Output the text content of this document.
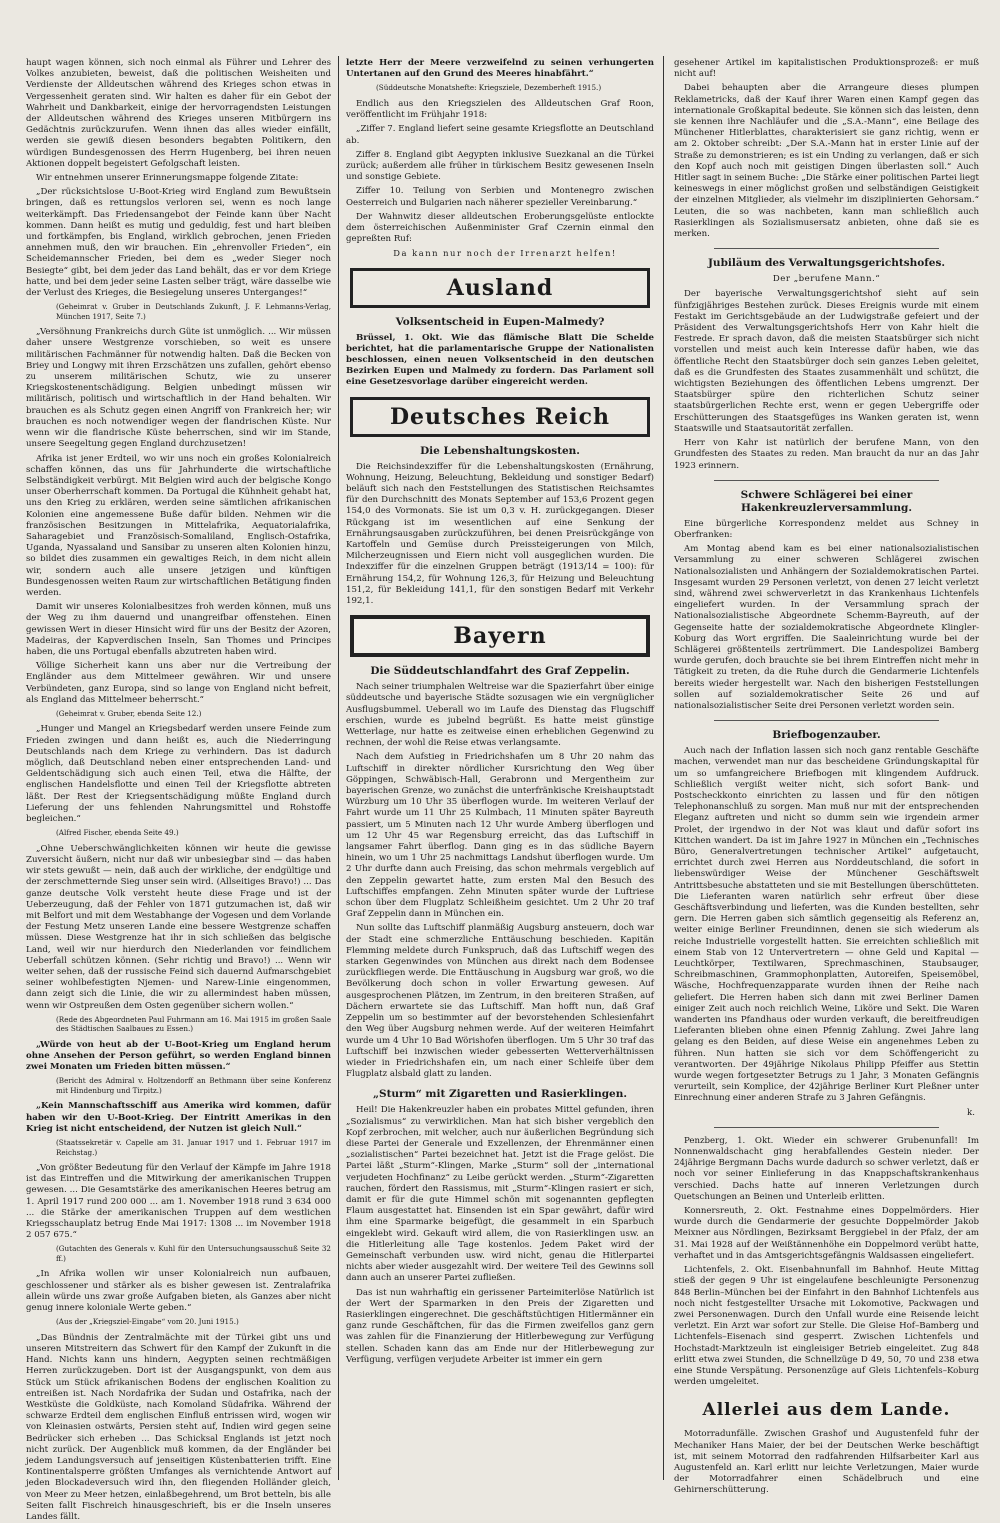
haupt wagen können, sich noch einmal als Führer und Lehrer des Volkes anzubieten, beweist, daß die politischen Weisheiten und Verdienste der Alldeutschen während des Krieges schon etwas in Vergessenheit geraten sind. Wir halten es daher für ein Gebot der Wahrheit und Dankbarkeit, einige der hervorragendsten Leistungen der Alldeutschen während des Krieges unseren Mitbürgern ins Gedächtnis zurückzurufen. Wenn ihnen das alles wieder einfällt, werden sie gewiß diesen besonders begabten Politikern, den würdigen Bundesgenossen des Herrn Hugenberg, bei ihren neuen Aktionen doppelt begeistert Gefolgschaft leisten.

Wir entnehmen unserer Erinnerungsmappe folgende Zitate:

„Der rücksichtslose U-Boot-Krieg wird England zum Bewußtsein bringen, daß es rettungslos verloren sei, wenn es noch lange weiterkämpft. Das Friedensangebot der Feinde kann über Nacht kommen. Dann heißt es mutig und geduldig, fest und hart bleiben und fortkämpfen, bis England, wirklich gebrochen, jenen Frieden annehmen muß, den wir brauchen. Ein „ehrenvoller Frieden“, ein Scheidemannscher Frieden, bei dem es „weder Sieger noch Besiegte“ gibt, bei dem jeder das Land behält, das er vor dem Kriege hatte, und bei dem jeder seine Lasten selber trägt, wäre dasselbe wie der Verlust des Krieges, die Besiegelung unseres Unterganges!“

(Geheimrat v. Gruber in Deutschlands Zukunft, J. F. Lehmanns-Verlag, München 1917, Seite 7.)

„Versöhnung Frankreichs durch Güte ist unmöglich. ... Wir müssen daher unsere Westgrenze vorschieben, so weit es unsere militärischen Fachmänner für notwendig halten. Daß die Becken von Briey und Longwy mit ihren Erzschätzen uns zufallen, gehört ebenso zu unserem militärischen Schutz, wie zu unserer Kriegskostenentschädigung. Belgien unbedingt müssen wir militärisch, politisch und wirtschaftlich in der Hand behalten. Wir brauchen es als Schutz gegen einen Angriff von Frankreich her; wir brauchen es noch notwendiger wegen der flandrischen Küste. Nur wenn wir die flandrische Küste beherrschen, sind wir im Stande, unsere Seegeltung gegen England durchzusetzen!

Afrika ist jener Erdteil, wo wir uns noch ein großes Kolonialreich schaffen können, das uns für Jahrhunderte die wirtschaftliche Selbständigkeit verbürgt. Mit Belgien wird auch der belgische Kongo unser Oberherrschaft kommen. Da Portugal die Kühnheit gehabt hat, uns den Krieg zu erklären, werden seine sämtlichen afrikanischen Kolonien eine angemessene Buße dafür bilden. Nehmen wir die französischen Besitzungen in Mittelafrika, Aequatorialafrika, Saharagebiet und Französisch-Somaliland, Englisch-Ostafrika, Uganda, Nyassaland und Sansibar zu unseren alten Kolonien hinzu, so bildet dies zusammen ein gewaltiges Reich, in dem nicht allein wir, sondern auch alle unsere jetzigen und künftigen Bundesgenossen weiten Raum zur wirtschaftlichen Betätigung finden werden.

Damit wir unseres Kolonialbesitzes froh werden können, muß uns der Weg zu ihm dauernd und unangreifbar offenstehen. Einen gewissen Wert in dieser Hinsicht wird für uns der Besitz der Azoren, Madeiras, der Kapverdischen Inseln, San Thomes und Principes haben, die uns Portugal ebenfalls abzutreten haben wird.

Völlige Sicherheit kann uns aber nur die Vertreibung der Engländer aus dem Mittelmeer gewähren. Wir und unsere Verbündeten, ganz Europa, sind so lange von England nicht befreit, als England das Mittelmeer beherrscht.“

(Geheimrat v. Gruber, ebenda Seite 12.)

„Hunger und Mangel an Kriegsbedarf werden unsere Feinde zum Frieden zwingen und dann heißt es, auch die Niederringung Deutschlands nach dem Kriege zu verhindern. Das ist dadurch möglich, daß Deutschland neben einer entsprechenden Land- und Geldentschädigung sich auch einen Teil, etwa die Hälfte, der englischen Handelsflotte und einen Teil der Kriegsflotte abtreten läßt. Der Rest der Kriegsentschädigung müßte England durch Lieferung der uns fehlenden Nahrungsmittel und Rohstoffe begleichen.“

(Alfred Fischer, ebenda Seite 49.)

„Ohne Ueberschwänglichkeiten können wir heute die gewisse Zuversicht äußern, nicht nur daß wir unbesiegbar sind — das haben wir stets gewußt — nein, daß auch der wirkliche, der endgültige und der zerschmetternde Sieg unser sein wird. (Allseitiges Bravo!) ... Das ganze deutsche Volk versteht heute diese Frage und ist der Ueberzeugung, daß der Fehler von 1871 gutzumachen ist, daß wir mit Belfort und mit dem Westabhange der Vogesen und dem Vorlande der Festung Metz unseren Lande eine bessere Westgrenze schaffen müssen. Diese Westgrenze hat ihr in sich schließen das belgische Land, weil wir nur hierdurch den Niederlanden vor feindlichem Ueberfall schützen können. (Sehr richtig und Bravo!) ... Wenn wir weiter sehen, daß der russische Feind sich dauernd Aufmarschgebiet seiner wohlbefestigten Njemen- und Narew-Linie eingenommen, dann zeigt sich die Linie, die wir zu allermindest haben müssen, wenn wir Ostpreußen dem Osten gegenüber sichern wollen.“

(Rede des Abgeordneten Paul Fuhrmann am 16. Mai 1915 im großen Saale des Städtischen Saalbaues zu Essen.)

„Würde von heut ab der U-Boot-Krieg um England herum ohne Ansehen der Person geführt, so werden England binnen zwei Monaten um Frieden bitten müssen.“

(Bericht des Admiral v. Holtzendorff an Bethmann über seine Konferenz mit Hindenburg und Tirpitz.)

„Kein Mannschaftsschiff aus Amerika wird kommen, dafür haben wir den U-Boot-Krieg. Der Eintritt Amerikas in den Krieg ist nicht entscheidend, der Nutzen ist gleich Null.“

(Staatssekretär v. Capelle am 31. Januar 1917 und 1. Februar 1917 im Reichstag.)

„Von größter Bedeutung für den Verlauf der Kämpfe im Jahre 1918 ist das Eintreffen und die Mitwirkung der amerikanischen Truppen gewesen. ... Die Gesamtstärke des amerikanischen Heeres betrug am 1. April 1917 rund 200 000 ... am 1. November 1918 rund 3 634 000 ... die Stärke der amerikanischen Truppen auf dem westlichen Kriegsschauplatz betrug Ende Mai 1917: 1308 ... im November 1918 2 057 675.“

(Gutachten des Generals v. Kuhl für den Untersuchungsausschuß Seite 32 ff.)

„In Afrika wollen wir unser Kolonialreich nun aufbauen, geschlossener und stärker als es bisher gewesen ist. Zentralafrika allein würde uns zwar große Aufgaben bieten, als Ganzes aber nicht genug innere koloniale Werte geben.“

(Aus der „Kriegsziel-Eingabe“ vom 20. Juni 1915.)

„Das Bündnis der Zentralmächte mit der Türkei gibt uns und unseren Mitstreitern das Schwert für den Kampf der Zukunft in die Hand. Nichts kann uns hindern, Aegypten seinen rechtmäßigen Herren zurückzugeben. Dort ist der Ausgangspunkt, von dem aus Stück um Stück afrikanischen Bodens der englischen Koalition zu entreißen ist. Nach Nordafrika der Sudan und Ostafrika, nach der Westküste die Goldküste, nach Komoland Südafrika. Während der schwarze Erdteil dem englischen Einfluß entrissen wird, wogen wir von Kleinasien ostwärts, Persien steht auf, Indien wird gegen seine Bedrücker sich erheben ... Das Schicksal Englands ist jetzt noch nicht zurück. Der Augenblick muß kommen, da der Engländer bei jedem Landungsversuch auf jenseitigen Küstenbatterien trifft. Eine Kontinentalsperre größten Umfanges als vernichtende Antwort auf jeden Blockadeversuch wird ihn, den fliegenden Holländer gleich, von Meer zu Meer hetzen, einlaßbegehrend, um Brot betteln, bis alle Seiten fallt Fischreich hinausgeschrieft, bis er die Inseln unseres Landes fällt.

letzte Herr der Meere verzweifelnd zu seinen verhungerten Untertanen auf den Grund des Meeres hinabfährt.“

(Süddeutsche Monatshefte: Kriegsziele, Dezemberheft 1915.)

Endlich aus den Kriegszielen des Alldeutschen Graf Roon, veröffentlicht im Frühjahr 1918:

„Ziffer 7. England liefert seine gesamte Kriegsflotte an Deutschland ab.

Ziffer 8. England gibt Aegypten inklusive Suezkanal an die Türkei zurück; außerdem alle früher in türkischem Besitz gewesenen Inseln und sonstige Gebiete.

Ziffer 10. Teilung von Serbien und Montenegro zwischen Oesterreich und Bulgarien nach näherer spezieller Vereinbarung.“

Der Wahnwitz dieser alldeutschen Eroberungsgelüste entlockte dem österreichischen Außenminister Graf Czernin einmal den gepreßten Ruf:

Da kann nur noch der Irrenarzt helfen!

Ausland
Volksentscheid in Eupen-Malmedy?

Brüssel, 1. Okt. Wie das flämische Blatt Die Schelde berichtet, hat die parlamentarische Gruppe der Nationalisten beschlossen, einen neuen Volksentscheid in den deutschen Bezirken Eupen und Malmedy zu fordern. Das Parlament soll eine Gesetzesvorlage darüber eingereicht werden.

Deutsches Reich
Die Lebenshaltungskosten.

Die Reichsindexziffer für die Lebenshaltungskosten (Ernährung, Wohnung, Heizung, Beleuchtung, Bekleidung und sonstiger Bedarf) beläuft sich nach den Feststellungen des Statistischen Reichsamtes für den Durchschnitt des Monats September auf 153,6 Prozent gegen 154,0 des Vormonats. Sie ist um 0,3 v. H. zurückgegangen. Dieser Rückgang ist im wesentlichen auf eine Senkung der Ernährungsausgaben zurückzuführen, bei denen Preisrückgänge von Kartoffeln und Gemüse durch Preissteigerungen von Milch, Milcherzeugnissen und Eiern nicht voll ausgeglichen wurden. Die Indexziffer für die einzelnen Gruppen beträgt (1913/14 = 100): für Ernährung 154,2, für Wohnung 126,3, für Heizung und Beleuchtung 151,2, für Bekleidung 141,1, für den sonstigen Bedarf mit Verkehr 192,1.

Bayern
Die Süddeutschlandfahrt des Graf Zeppelin.

Nach seiner triumphalen Weltreise war die Spazierfahrt über einige süddeutsche und bayerische Städte sozusagen wie ein vergnüglicher Ausflugsbummel. Ueberall wo im Laufe des Dienstag das Flugschiff erschien, wurde es jubelnd begrüßt. Es hatte meist günstige Wetterlage, nur hatte es zeitweise einen erheblichen Gegenwind zu rechnen, der wohl die Reise etwas verlangsamte.

Nach dem Aufstieg in Friedrichshafen um 8 Uhr 20 nahm das Luftschiff in direkter nördlicher Kursrichtung den Weg über Göppingen, Schwäbisch-Hall, Gerabronn und Mergentheim zur bayerischen Grenze, wo zunächst die unterfränkische Kreishauptstadt Würzburg um 10 Uhr 35 überflogen wurde. Im weiteren Verlauf der Fahrt wurde um 11 Uhr 25 Kulmbach, 11 Minuten später Bayreuth passiert, um 5 Minuten nach 12 Uhr wurde Amberg überflogen und um 12 Uhr 45 war Regensburg erreicht, das das Luftschiff in langsamer Fahrt überflog. Dann ging es in das südliche Bayern hinein, wo um 1 Uhr 25 nachmittags Landshut überflogen wurde. Um 2 Uhr durfte dann auch Freising, das schon mehrmals vergeblich auf den Zeppelin gewartet hatte, zum ersten Mal den Besuch des Luftschiffes empfangen. Zehn Minuten später wurde der Luftriese schon über dem Flugplatz Schleißheim gesichtet. Um 2 Uhr 20 traf Graf Zeppelin dann in München ein.

Nun sollte das Luftschiff planmäßig Augsburg ansteuern, doch war der Stadt eine schmerzliche Enttäuschung beschieden. Kapitän Flemming meldete durch Funkspruch, daß das Luftschiff wegen des starken Gegenwindes von München aus direkt nach dem Bodensee zurückfliegen werde. Die Enttäuschung in Augsburg war groß, wo die Bevölkerung doch schon in voller Erwartung gewesen. Auf ausgesprochenen Plätzen, im Zentrum, in den breiteren Straßen, auf Dächern erwartete sie das Luftschiff. Man hofft nun, daß Graf Zeppelin um so bestimmter auf der bevorstehenden Schlesienfahrt den Weg über Augsburg nehmen werde. Auf der weiteren Heimfahrt wurde um 4 Uhr 10 Bad Wörishofen überflogen. Um 5 Uhr 30 traf das Luftschiff bei inzwischen wieder gebesserten Wetterverhältnissen wieder in Friedrichshafen ein, um nach einer Schleife über dem Flugplatz alsbald glatt zu landen.

„Sturm“ mit Zigaretten und Rasierklingen.

Heil! Die Hakenkreuzler haben ein probates Mittel gefunden, ihren „Sozialismus“ zu verwirklichen. Man hat sich bisher vergeblich den Kopf zerbrochen, mit welcher, auch nur äußerlichen Begründung sich diese Partei der Generale und Exzellenzen, der Ehrenmänner einen „sozialistischen“ Partei bezeichnet hat. Jetzt ist die Frage gelöst. Die Partei läßt „Sturm“-Klingen, Marke „Sturm“ soll der „international verjudeten Hochfinanz“ zu Leibe gerückt werden. „Sturm“-Zigaretten rauchen, fördert den Rassismus, mit „Sturm“-Klingen rasiert er sich, damit er für die gute Himmel schön mit sogenannten gepflegten Flaum ausgestattet hat. Einsenden ist ein Spar gewährt, dafür wird ihm eine Sparmarke beigefügt, die gesammelt in ein Sparbuch eingeklebt wird. Gekauft wird allem, die von Rasierklingen usw. an die Hitlerleitung alle Tage kostenlos. Jedem Paket wird der Gemeinschaft verbunden usw. wird nicht, genau die Hitlerpartei nichts aber wieder ausgezahlt wird. Der weitere Teil des Gewinns soll dann auch an unserer Partei zufließen.

Das ist nun wahrhaftig ein gerissener Parteimiterlöse Natürlich ist der Wert der Sparmarken in den Preis der Zigaretten und Rasierklingen eingerechnet. Die geschäftstüchtigen Hitlermänner ein ganz runde Geschäftchen, für das die Firmen zweifellos ganz gern was zahlen für die Finanzierung der Hitlerbewegung zur Verfügung stellen. Schaden kann das am Ende nur der Hitlerbewegung zur Verfügung, verfügen verjudete Arbeiter ist immer ein gern

gesehener Artikel im kapitalistischen Produktionsprozeß: er muß nicht auf!

Dabei behaupten aber die Arrangeure dieses plumpen Reklametricks, daß der Kauf ihrer Waren einen Kampf gegen das internationale Großkapital bedeute. Sie können sich das leisten, denn sie kennen ihre Nachläufer und die „S.A.-Mann“, eine Beilage des Münchener Hitlerblattes, charakterisiert sie ganz richtig, wenn er am 2. Oktober schreibt: „Der S.A.-Mann hat in erster Linie auf der Straße zu demonstrieren; es ist ein Unding zu verlangen, daß er sich den Kopf auch noch mit geistigen Dingen überlasten soll.“ Auch Hitler sagt in seinem Buche: „Die Stärke einer politischen Partei liegt keineswegs in einer möglichst großen und selbständigen Geistigkeit der einzelnen Mitglieder, als vielmehr im disziplinierten Gehorsam.“ Leuten, die so was nachbeten, kann man schließlich auch Rasierklingen als Sozialismusersatz anbieten, ohne daß sie es merken.

Jubiläum des Verwaltungsgerichtshofes.
Der „berufene Mann.“

Der bayerische Verwaltungsgerichtshof sieht auf sein fünfzigjähriges Bestehen zurück. Dieses Ereignis wurde mit einem Festakt im Gerichtsgebäude an der Ludwigstraße gefeiert und der Präsident des Verwaltungsgerichtshofs Herr von Kahr hielt die Festrede. Er sprach davon, daß die meisten Staatsbürger sich nicht vorstellen und meist auch kein Interesse dafür haben, wie das öffentliche Recht den Staatsbürger doch sein ganzes Leben geleitet, daß es die Grundfesten des Staates zusammenhält und schützt, die wichtigsten Beziehungen des öffentlichen Lebens umgrenzt. Der Staatsbürger spüre den richterlichen Schutz seiner staatsbürgerlichen Rechte erst, wenn er gegen Uebergriffe oder Erschütterungen des Staatsgefüges ins Wanken geraten ist, wenn Staatswille und Staatsautorität zerfallen.

Herr von Kahr ist natürlich der berufene Mann, von den Grundfesten des Staates zu reden. Man braucht da nur an das Jahr 1923 erinnern.

Schwere Schlägerei bei einer Hakenkreuzlerversammlung.

Eine bürgerliche Korrespondenz meldet aus Schney in Oberfranken:

Am Montag abend kam es bei einer nationalsozialistischen Versammlung zu einer schweren Schlägerei zwischen Nationalsozialisten und Anhängern der Sozialdemokratischen Partei. Insgesamt wurden 29 Personen verletzt, von denen 27 leicht verletzt sind, während zwei schwerverletzt in das Krankenhaus Lichtenfels eingeliefert wurden. In der Versammlung sprach der Nationalsozialistische Abgeordnete Schemm-Bayreuth, auf der Gegenseite hatte der sozialdemokratische Abgeordnete Klingler-Koburg das Wort ergriffen. Die Saaleinrichtung wurde bei der Schlägerei größtenteils zertrümmert. Die Landespolizei Bamberg wurde gerufen, doch brauchte sie bei ihrem Eintreffen nicht mehr in Tätigkeit zu treten, da die Ruhe durch die Gendarmerie Lichtenfels bereits wieder hergestellt war. Nach den bisherigen Feststellungen sollen auf sozialdemokratischer Seite 26 und auf nationalsozialistischer Seite drei Personen verletzt worden sein.

Briefbogenzauber.

Auch nach der Inflation lassen sich noch ganz rentable Geschäfte machen, verwendet man nur das bescheidene Gründungskapital für um so umfangreichere Briefbogen mit klingendem Aufdruck. Schließlich vergißt weiter nicht, sich sofort Bank- und Postscheckkonto einrichten zu lassen und für den nötigen Telephonanschluß zu sorgen. Man muß nur mit der entsprechenden Eleganz auftreten und nicht so dumm sein wie irgendein armer Prolet, der irgendwo in der Not was klaut und dafür sofort ins Kittchen wandert. Da ist im Jahre 1927 in München ein „Technisches Büro, Generalvertretungen technischer Artikel“ aufgetaucht, errichtet durch zwei Herren aus Norddeutschland, die sofort in liebenswürdiger Weise der Münchener Geschäftswelt Antrittsbesuche abstatteten und sie mit Bestellungen überschütteten. Die Lieferanten waren natürlich sehr erfreut über diese Geschäftsverbindung und lieferten, was die Kunden bestellten, sehr gern. Die Herren gaben sich sämtlich gegenseitig als Referenz an, weiter einige Berliner Freundinnen, denen sie sich wiederum als reiche Industrielle vorgestellt hatten. Sie erreichten schließlich mit einem Stab von 12 Untervertretern — ohne Geld und Kapital — Leuchtkörper, Textilwaren, Sprechmaschinen, Staubsauger, Schreibmaschinen, Grammophonplatten, Autoreifen, Speisemöbel, Wäsche, Hochfrequenzapparate wurden ihnen der Reihe nach geliefert. Die Herren haben sich dann mit zwei Berliner Damen einiger Zeit auch noch reichlich Weine, Liköre und Sekt. Die Waren wanderten ins Pfandhaus oder wurden verkauft, die bereitfreudigen Lieferanten blieben ohne einen Pfennig Zahlung. Zwei Jahre lang gelang es den Beiden, auf diese Weise ein angenehmes Leben zu führen. Nun hatten sie sich vor dem Schöffengericht zu verantworten. Der 49jährige Nikolaus Philipp Pfeiffer aus Stettin wurde wegen fortgesetzter Betrugs zu 1 Jahr, 3 Monaten Gefängnis verurteilt, sein Komplice, der 42jährige Berliner Kurt Pleßner unter Einrechnung einer anderen Strafe zu 3 Jahren Gefängnis.

k.

Penzberg, 1. Okt. Wieder ein schwerer Grubenunfall! Im Nonnenwaldschacht ging herabfallendes Gestein nieder. Der 24jährige Bergmann Dachs wurde dadurch so schwer verletzt, daß er noch vor seiner Einlieferung in das Knappschaftskrankenhaus verschied. Dachs hatte auf inneren Verletzungen durch Quetschungen an Beinen und Unterleib erlitten.

Konnersreuth, 2. Okt. Festnahme eines Doppelmörders. Hier wurde durch die Gendarmerie der gesuchte Doppelmörder Jakob Meixner aus Nördlingen, Bezirksamt Berggiebel in der Pfalz, der am 31. Mai 1928 auf der Weißtännenhöhe ein Doppelmord verübt hatte, verhaftet und in das Amtsgerichtsgefängnis Waldsassen eingeliefert.

Lichtenfels, 2. Okt. Eisenbahnunfall im Bahnhof. Heute Mittag stieß der gegen 9 Uhr ist eingelaufene beschleunigte Personenzug 848 Berlin–München bei der Einfahrt in den Bahnhof Lichtenfels aus noch nicht festgestellter Ursache mit Lokomotive, Packwagen und zwei Personenwagen. Durch den Unfall wurde eine Reisende leicht verletzt. Ein Arzt war sofort zur Stelle. Die Gleise Hof–Bamberg und Lichtenfels–Eisenach sind gesperrt. Zwischen Lichtenfels und Hochstadt-Marktzeuln ist eingleisiger Betrieb eingeleitet. Zug 848 erlitt etwa zwei Stunden, die Schnellzüge D 49, 50, 70 und 238 etwa eine Stunde Verspätung. Personenzüge auf Gleis Lichtenfels–Koburg werden umgeleitet.

Allerlei aus dem Lande.

Motorradunfälle. Zwischen Grashof und Augustenfeld fuhr der Mechaniker Hans Maier, der bei der Deutschen Werke beschäftigt ist, mit seinem Motorrad den radfahrenden Hilfsarbeiter Karl aus Augustenfeld an. Karl erlitt nur leichte Verletzungen, Maier wurde der Motorradfahrer einen Schädelbruch und eine Gehirnerschütterung.
